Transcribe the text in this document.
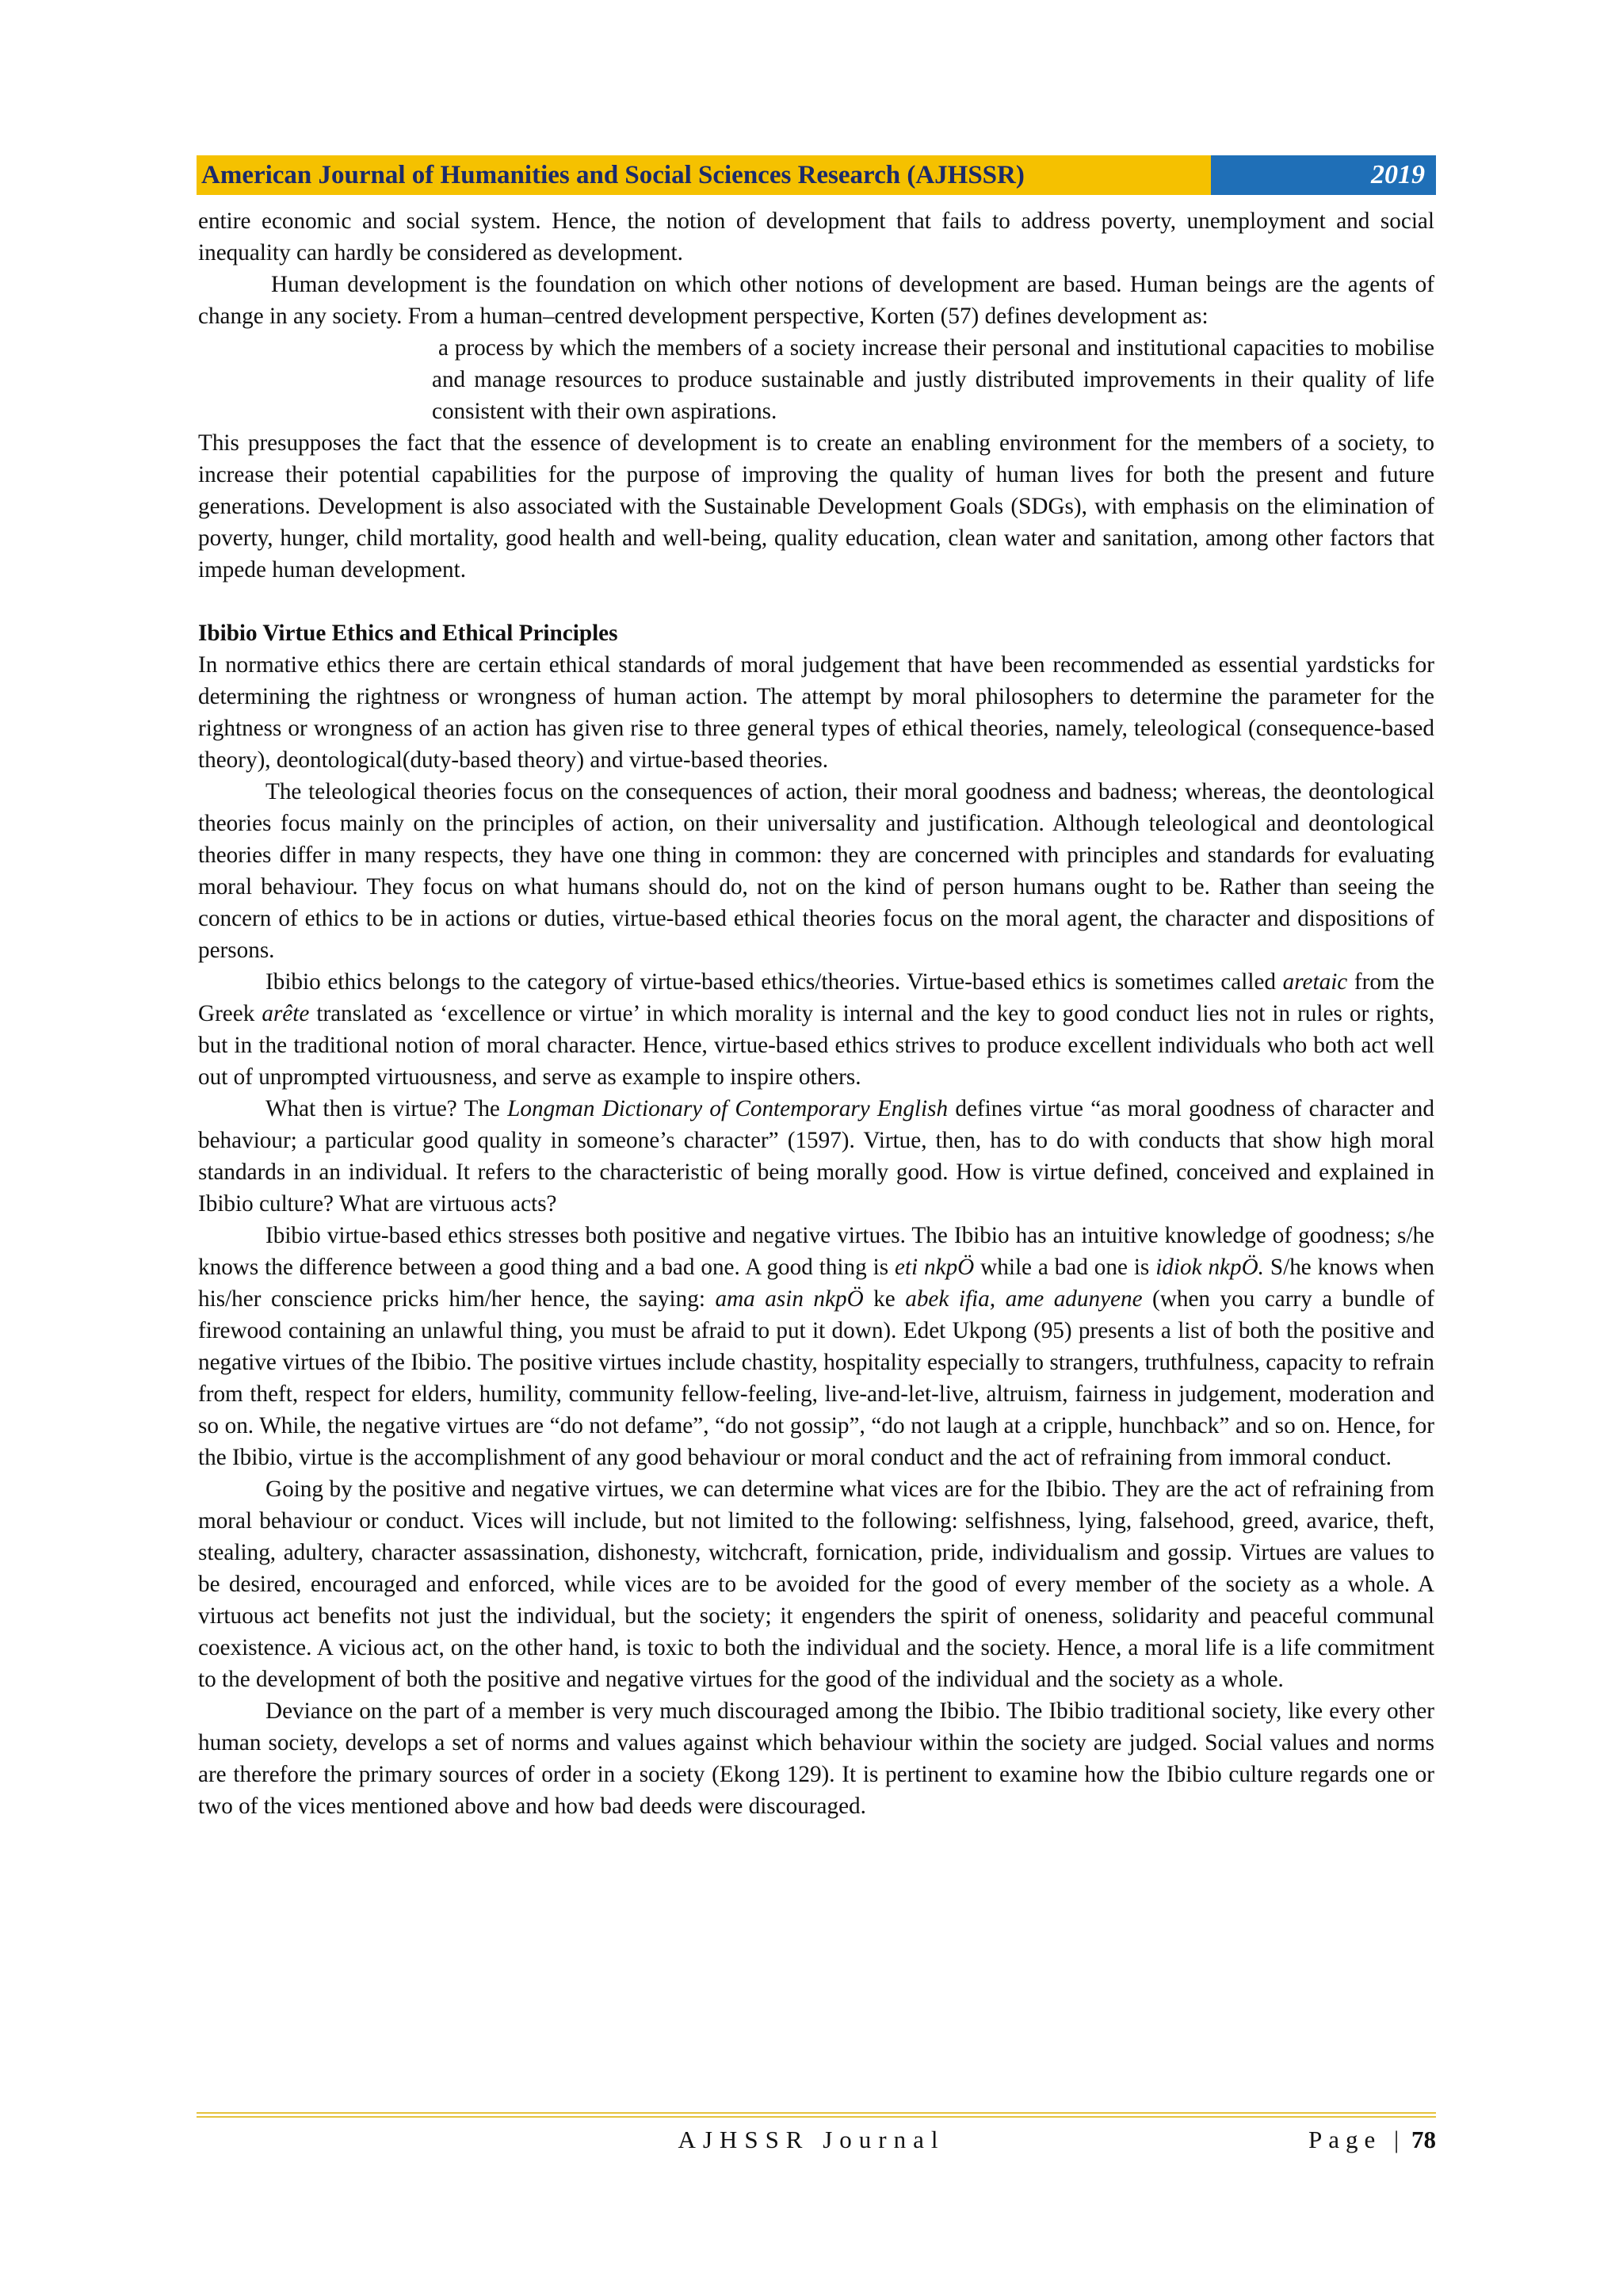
American Journal of Humanities and Social Sciences Research (AJHSSR)	2019

entire economic and social system. Hence, the notion of development that fails to address poverty, unemployment and social inequality can hardly be considered as development.

Human development is the foundation on which other notions of development are based. Human beings are the agents of change in any society. From a human–centred development perspective, Korten (57) defines development as:

a process by which the members of a society increase their personal and institutional capacities to mobilise and manage resources to produce sustainable and justly distributed improvements in their quality of life consistent with their own aspirations.

This presupposes the fact that the essence of development is to create an enabling environment for the members of a society, to increase their potential capabilities for the purpose of improving the quality of human lives for both the present and future generations. Development is also associated with the Sustainable Development Goals (SDGs), with emphasis on the elimination of poverty, hunger, child mortality, good health and well-being, quality education, clean water and sanitation, among other factors that impede human development.

Ibibio Virtue Ethics and Ethical Principles

In normative ethics there are certain ethical standards of moral judgement that have been recommended as essential yardsticks for determining the rightness or wrongness of human action. The attempt by moral philosophers to determine the parameter for the rightness or wrongness of an action has given rise to three general types of ethical theories, namely, teleological (consequence-based theory), deontological(duty-based theory) and virtue-based theories.

The teleological theories focus on the consequences of action, their moral goodness and badness; whereas, the deontological theories focus mainly on the principles of action, on their universality and justification. Although teleological and deontological theories differ in many respects, they have one thing in common: they are concerned with principles and standards for evaluating moral behaviour. They focus on what humans should do, not on the kind of person humans ought to be. Rather than seeing the concern of ethics to be in actions or duties, virtue-based ethical theories focus on the moral agent, the character and dispositions of persons.

Ibibio ethics belongs to the category of virtue-based ethics/theories. Virtue-based ethics is sometimes called aretaic from the Greek arête translated as ‘excellence or virtue’ in which morality is internal and the key to good conduct lies not in rules or rights, but in the traditional notion of moral character. Hence, virtue-based ethics strives to produce excellent individuals who both act well out of unprompted virtuousness, and serve as example to inspire others.

What then is virtue? The Longman Dictionary of Contemporary English defines virtue “as moral goodness of character and behaviour; a particular good quality in someone’s character” (1597). Virtue, then, has to do with conducts that show high moral standards in an individual. It refers to the characteristic of being morally good. How is virtue defined, conceived and explained in Ibibio culture? What are virtuous acts?

Ibibio virtue-based ethics stresses both positive and negative virtues. The Ibibio has an intuitive knowledge of goodness; s/he knows the difference between a good thing and a bad one. A good thing is eti nkpÖ while a bad one is idiok nkpÖ. S/he knows when his/her conscience pricks him/her hence, the saying: ama asin nkpÖ ke abek ifia, ame adunyene (when you carry a bundle of firewood containing an unlawful thing, you must be afraid to put it down). Edet Ukpong (95) presents a list of both the positive and negative virtues of the Ibibio. The positive virtues include chastity, hospitality especially to strangers, truthfulness, capacity to refrain from theft, respect for elders, humility, community fellow-feeling, live-and-let-live, altruism, fairness in judgement, moderation and so on. While, the negative virtues are “do not defame”, “do not gossip”, “do not laugh at a cripple, hunchback” and so on. Hence, for the Ibibio, virtue is the accomplishment of any good behaviour or moral conduct and the act of refraining from immoral conduct.

Going by the positive and negative virtues, we can determine what vices are for the Ibibio. They are the act of refraining from moral behaviour or conduct. Vices will include, but not limited to the following: selfishness, lying, falsehood, greed, avarice, theft, stealing, adultery, character assassination, dishonesty, witchcraft, fornication, pride, individualism and gossip. Virtues are values to be desired, encouraged and enforced, while vices are to be avoided for the good of every member of the society as a whole. A virtuous act benefits not just the individual, but the society; it engenders the spirit of oneness, solidarity and peaceful communal coexistence. A vicious act, on the other hand, is toxic to both the individual and the society. Hence, a moral life is a life commitment to the development of both the positive and negative virtues for the good of the individual and the society as a whole.

Deviance on the part of a member is very much discouraged among the Ibibio. The Ibibio traditional society, like every other human society, develops a set of norms and values against which behaviour within the society are judged. Social values and norms are therefore the primary sources of order in a society (Ekong 129). It is pertinent to examine how the Ibibio culture regards one or two of the vices mentioned above and how bad deeds were discouraged.

AJHSSR Journal	Page | 78
